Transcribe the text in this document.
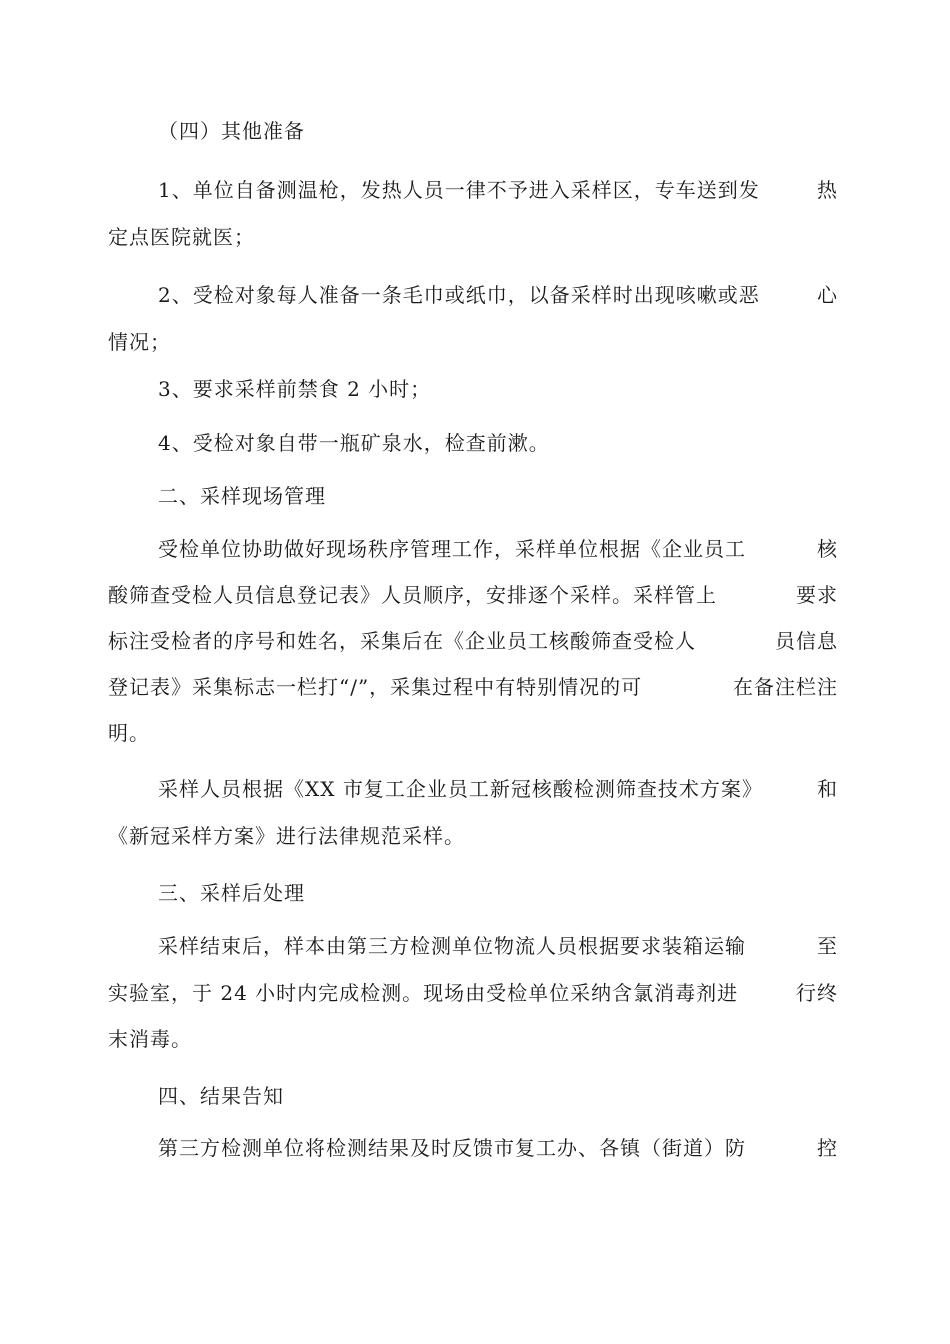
（四）其他准备
1、单位自备测温枪，发热人员一律不予进入采样区，专车送到发	热
定点医院就医；
2、受检对象每人准备一条毛巾或纸巾，以备采样时出现咳嗽或恶	心
情况；
3、要求采样前禁食 2 小时；
4、受检对象自带一瓶矿泉水，检查前漱。
二、采样现场管理
受检单位协助做好现场秩序管理工作，采样单位根据《企业员工	核
酸筛查受检人员信息登记表》人员顺序，安排逐个采样。采样管上	要求
标注受检者的序号和姓名，采集后在《企业员工核酸筛查受检人	员信息
登记表》采集标志一栏打“/”，采集过程中有特别情况的可	在备注栏注
明。
采样人员根据《XX 市复工企业员工新冠核酸检测筛查技术方案》	和
《新冠采样方案》进行法律规范采样。
三、采样后处理
采样结束后，样本由第三方检测单位物流人员根据要求装箱运输	至
实验室，于 24 小时内完成检测。现场由受检单位采纳含氯消毒剂进	行终
末消毒。
四、结果告知
第三方检测单位将检测结果及时反馈市复工办、各镇（街道）防	控
